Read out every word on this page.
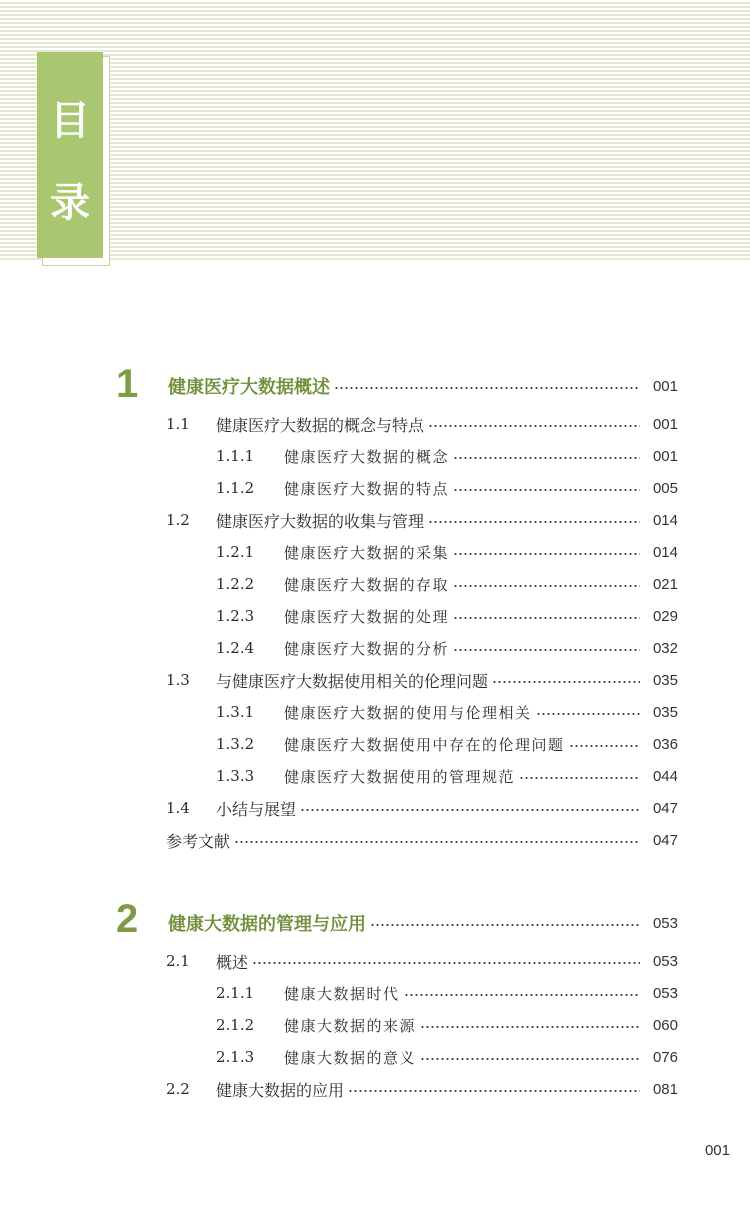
目
录
1	健康医疗大数据概述	001
1.1	健康医疗大数据的概念与特点	001
1.1.1	健康医疗大数据的概念	001
1.1.2	健康医疗大数据的特点	005
1.2	健康医疗大数据的收集与管理	014
1.2.1	健康医疗大数据的采集	014
1.2.2	健康医疗大数据的存取	021
1.2.3	健康医疗大数据的处理	029
1.2.4	健康医疗大数据的分析	032
1.3	与健康医疗大数据使用相关的伦理问题	035
1.3.1	健康医疗大数据的使用与伦理相关	035
1.3.2	健康医疗大数据使用中存在的伦理问题	036
1.3.3	健康医疗大数据使用的管理规范	044
1.4	小结与展望	047
参考文献	047
2	健康大数据的管理与应用	053
2.1	概述	053
2.1.1	健康大数据时代	053
2.1.2	健康大数据的来源	060
2.1.3	健康大数据的意义	076
2.2	健康大数据的应用	081
001
